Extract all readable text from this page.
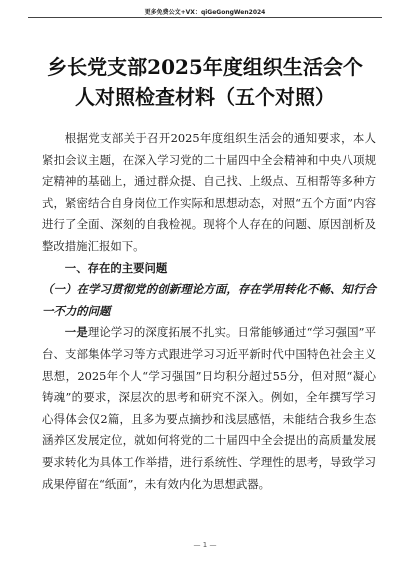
更多免费公文+VX：qiGeGongWen2024
乡长党支部2025年度组织生活会个人对照检查材料（五个对照）

根据党支部关于召开2025年度组织生活会的通知要求，本人紧扣会议主题，在深入学习党的二十届四中全会精神和中央八项规定精神的基础上，通过群众提、自己找、上级点、互相帮等多种方式，紧密结合自身岗位工作实际和思想动态，对照“五个方面”内容进行了全面、深刻的自我检视。现将个人存在的问题、原因剖析及整改措施汇报如下。

一、存在的主要问题

（一）在学习贯彻党的创新理论方面，存在学用转化不畅、知行合一不力的问题

一是理论学习的深度拓展不扎实。日常能够通过“学习强国”平台、支部集体学习等方式跟进学习习近平新时代中国特色社会主义思想，2025年个人“学习强国”日均积分超过55分，但对照“凝心铸魂”的要求，深层次的思考和研究不深入。例如，全年撰写学习心得体会仅2篇，且多为要点摘抄和浅层感悟，未能结合我乡生态涵养区发展定位，就如何将党的二十届四中全会提出的高质量发展要求转化为具体工作举措，进行系统性、学理性的思考，导致学习成果停留在“纸面”，未有效内化为思想武器。

— 1 —
